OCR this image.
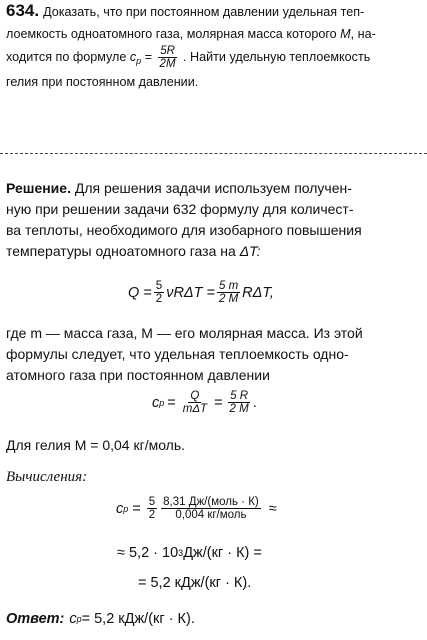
634. Доказать, что при постоянном давлении удельная теп-
лоемкость одноатомного газа, молярная масса которого M, на-
ходится по формуле $c_p = \frac{5R}{2M}$ . Найти удельную теплоемкость
гелия при постоянном давлении.
Решение. Для решения задачи используем получен-
ную при решении задачи 632 формулу для количест-
ва теплоты, необходимого для изобарного повышения
температуры одноатомного газа на ΔT:
$Q = \frac{5}{2}$ $\nu R\Delta T = \frac{5 m}{2 M} R\Delta T$,
где m — масса газа, M — его молярная масса. Из этой
формулы следует, что удельная теплоемкость одно-
атомного газа при постоянном давлении
c $p = \frac{Q}{\text{mΔT}} = \frac{5 R}{2 M}$ .
Для гелия M = 0,04 кг/моль.
Вычисления:
c $p = \frac{5}{2} \frac{\text{8,31 Дж/(моль · К)}}{\text{0,004 кг/моль}}$ ≈
≈ 5,2 · 10 3 Дж/(кг · К) =
= 5,2 кДж/(кг · К).
Ответ: c p = 5,2 кДж/(кг · К).
